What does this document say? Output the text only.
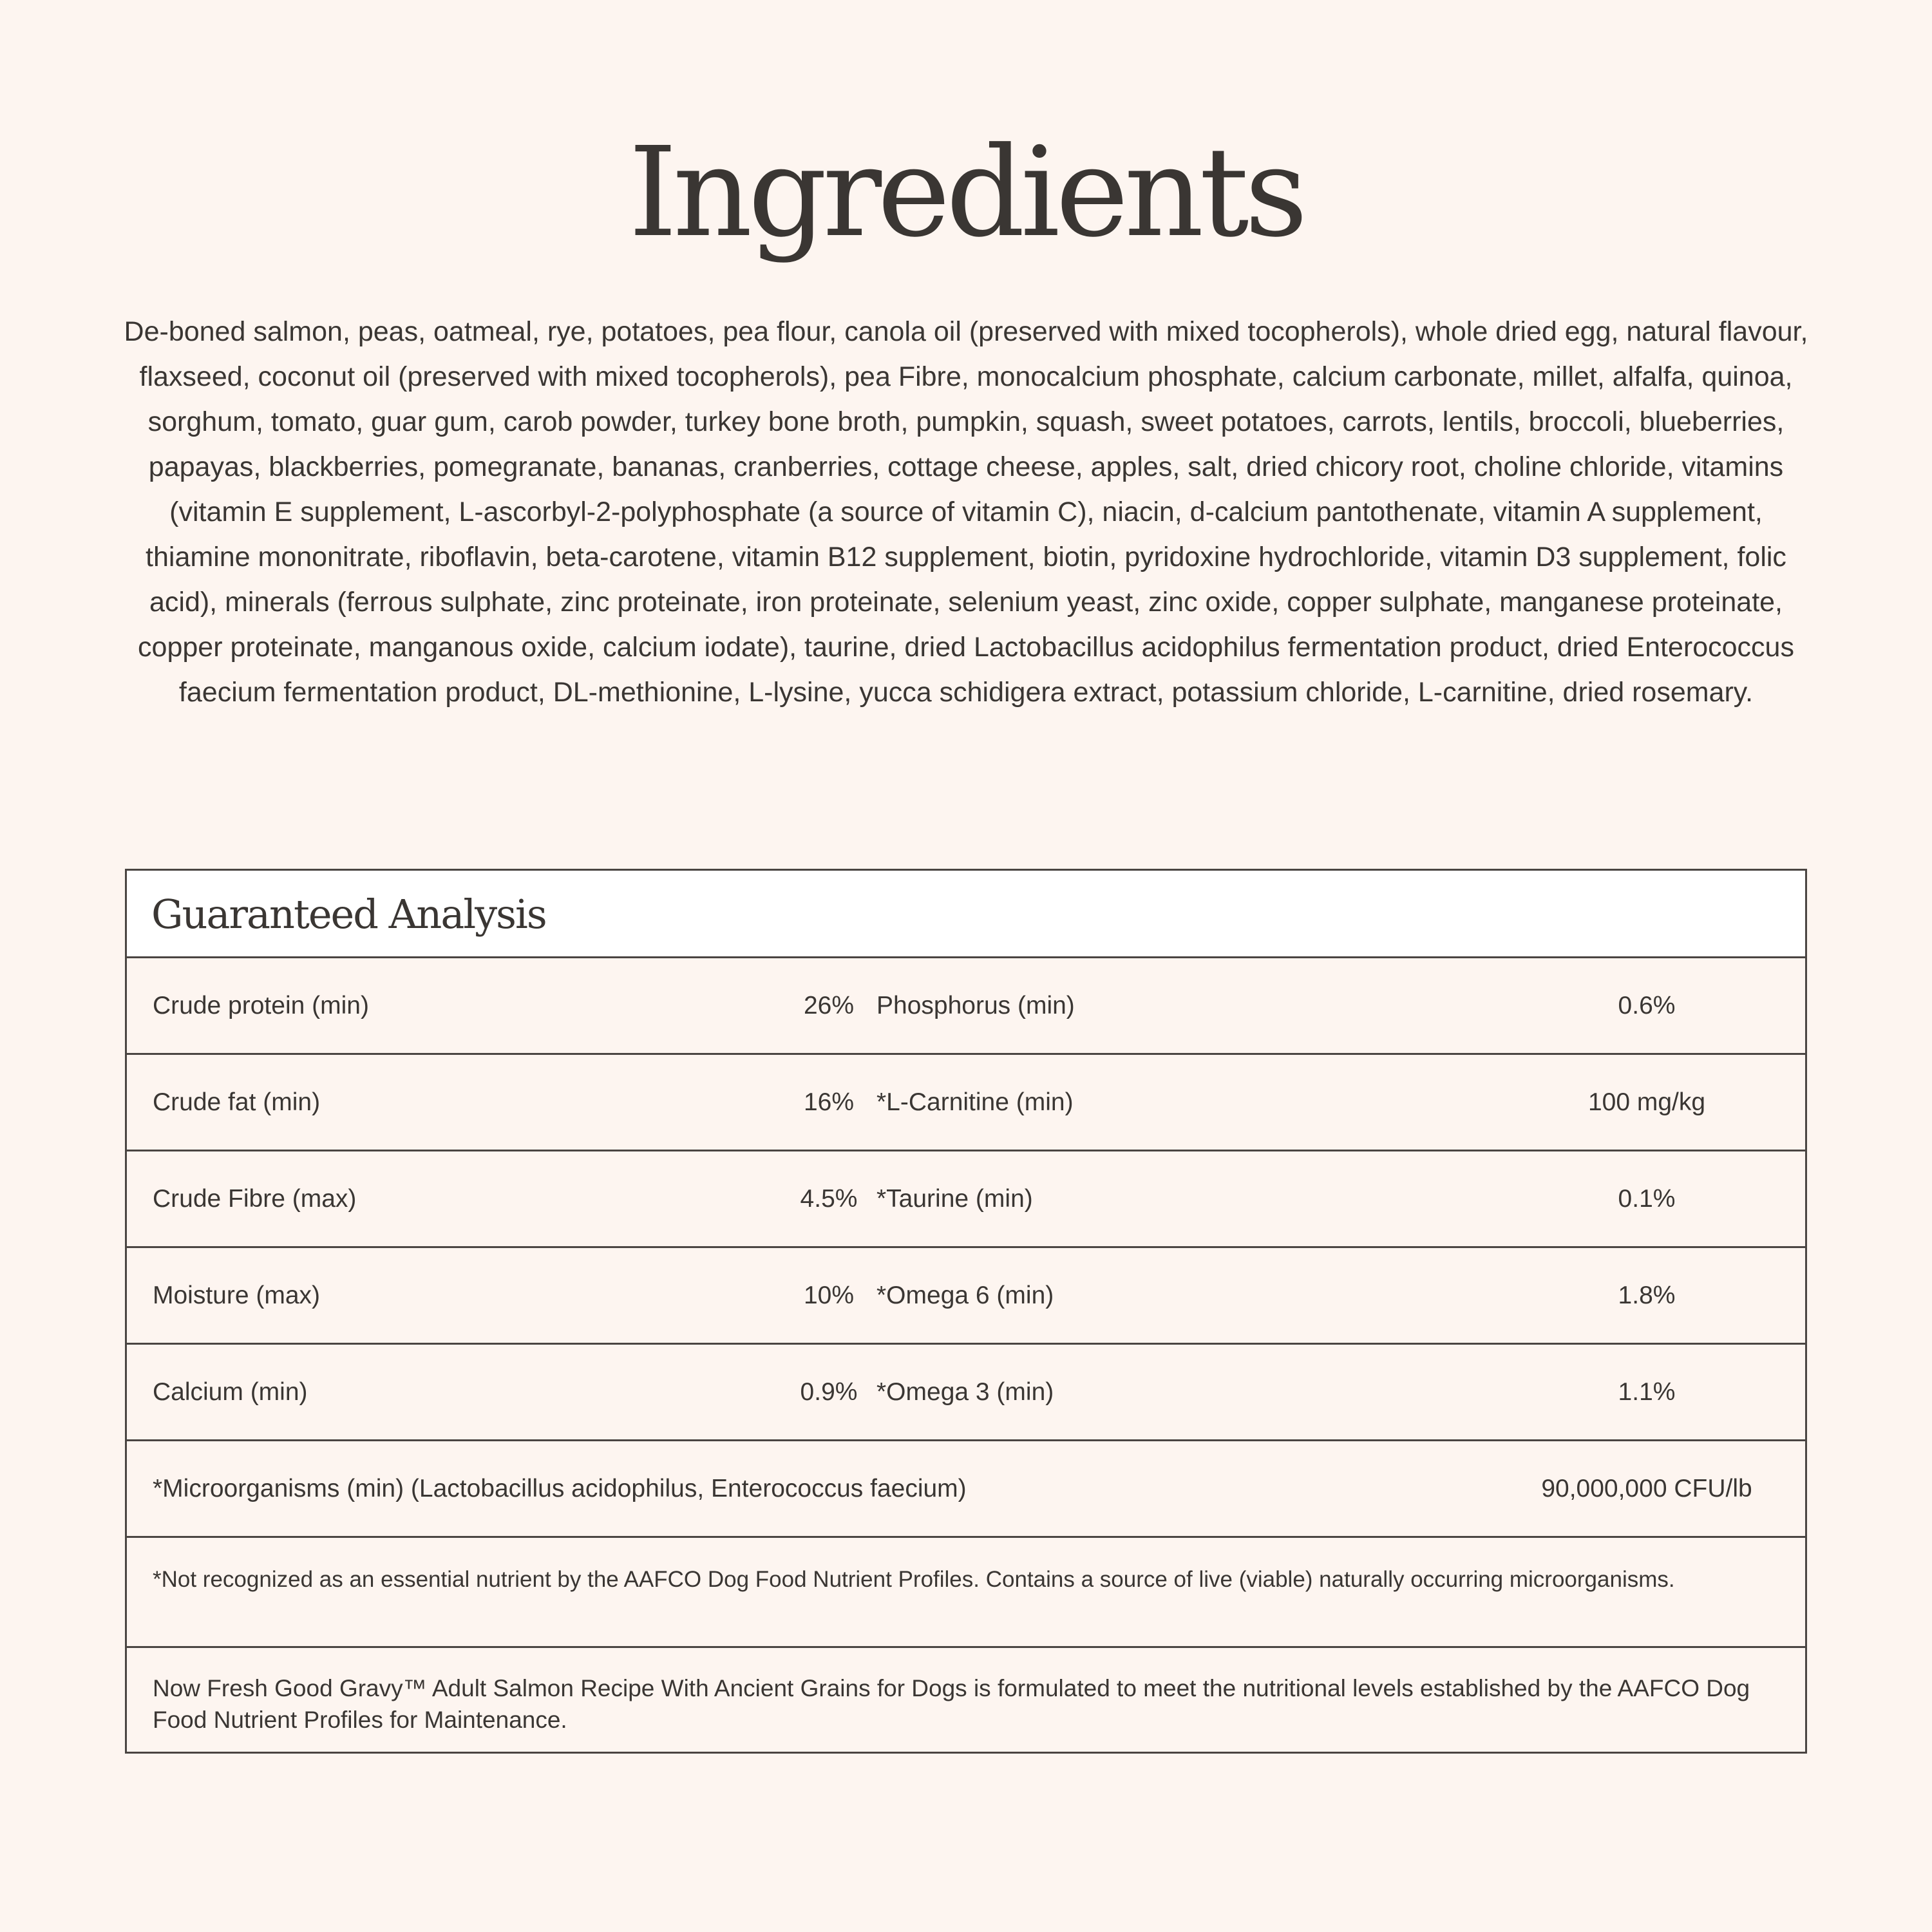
Ingredients

De-boned salmon, peas, oatmeal, rye, potatoes, pea flour, canola oil (preserved with mixed tocopherols), whole dried egg, natural flavour, flaxseed, coconut oil (preserved with mixed tocopherols), pea Fibre, monocalcium phosphate, calcium carbonate, millet, alfalfa, quinoa, sorghum, tomato, guar gum, carob powder, turkey bone broth, pumpkin, squash, sweet potatoes, carrots, lentils, broccoli, blueberries, papayas, blackberries, pomegranate, bananas, cranberries, cottage cheese, apples, salt, dried chicory root, choline chloride, vitamins (vitamin E supplement, L-ascorbyl-2-polyphosphate (a source of vitamin C), niacin, d-calcium pantothenate, vitamin A supplement, thiamine mononitrate, riboflavin, beta-carotene, vitamin B12 supplement, biotin, pyridoxine hydrochloride, vitamin D3 supplement, folic acid), minerals (ferrous sulphate, zinc proteinate, iron proteinate, selenium yeast, zinc oxide, copper sulphate, manganese proteinate, copper proteinate, manganous oxide, calcium iodate), taurine, dried Lactobacillus acidophilus fermentation product, dried Enterococcus faecium fermentation product, DL-methionine, L-lysine, yucca schidigera extract, potassium chloride, L-carnitine, dried rosemary.

Guaranteed Analysis
Crude protein (min)	26% Phosphorus (min)	0.6%
Crude fat (min)	16% *L-Carnitine (min)	100 mg/kg
Crude Fibre (max)	4.5% *Taurine (min)	0.1%
Moisture (max)	10% *Omega 6 (min)	1.8%
Calcium (min)	0.9% *Omega 3 (min)	1.1%
*Microorganisms (min) (Lactobacillus acidophilus, Enterococcus faecium)	90,000,000 CFU/lb
*Not recognized as an essential nutrient by the AAFCO Dog Food Nutrient Profiles. Contains a source of live (viable) naturally occurring microorganisms.
Now Fresh Good Gravy™ Adult Salmon Recipe With Ancient Grains for Dogs is formulated to meet the nutritional levels established by the AAFCO Dog Food Nutrient Profiles for Maintenance.
